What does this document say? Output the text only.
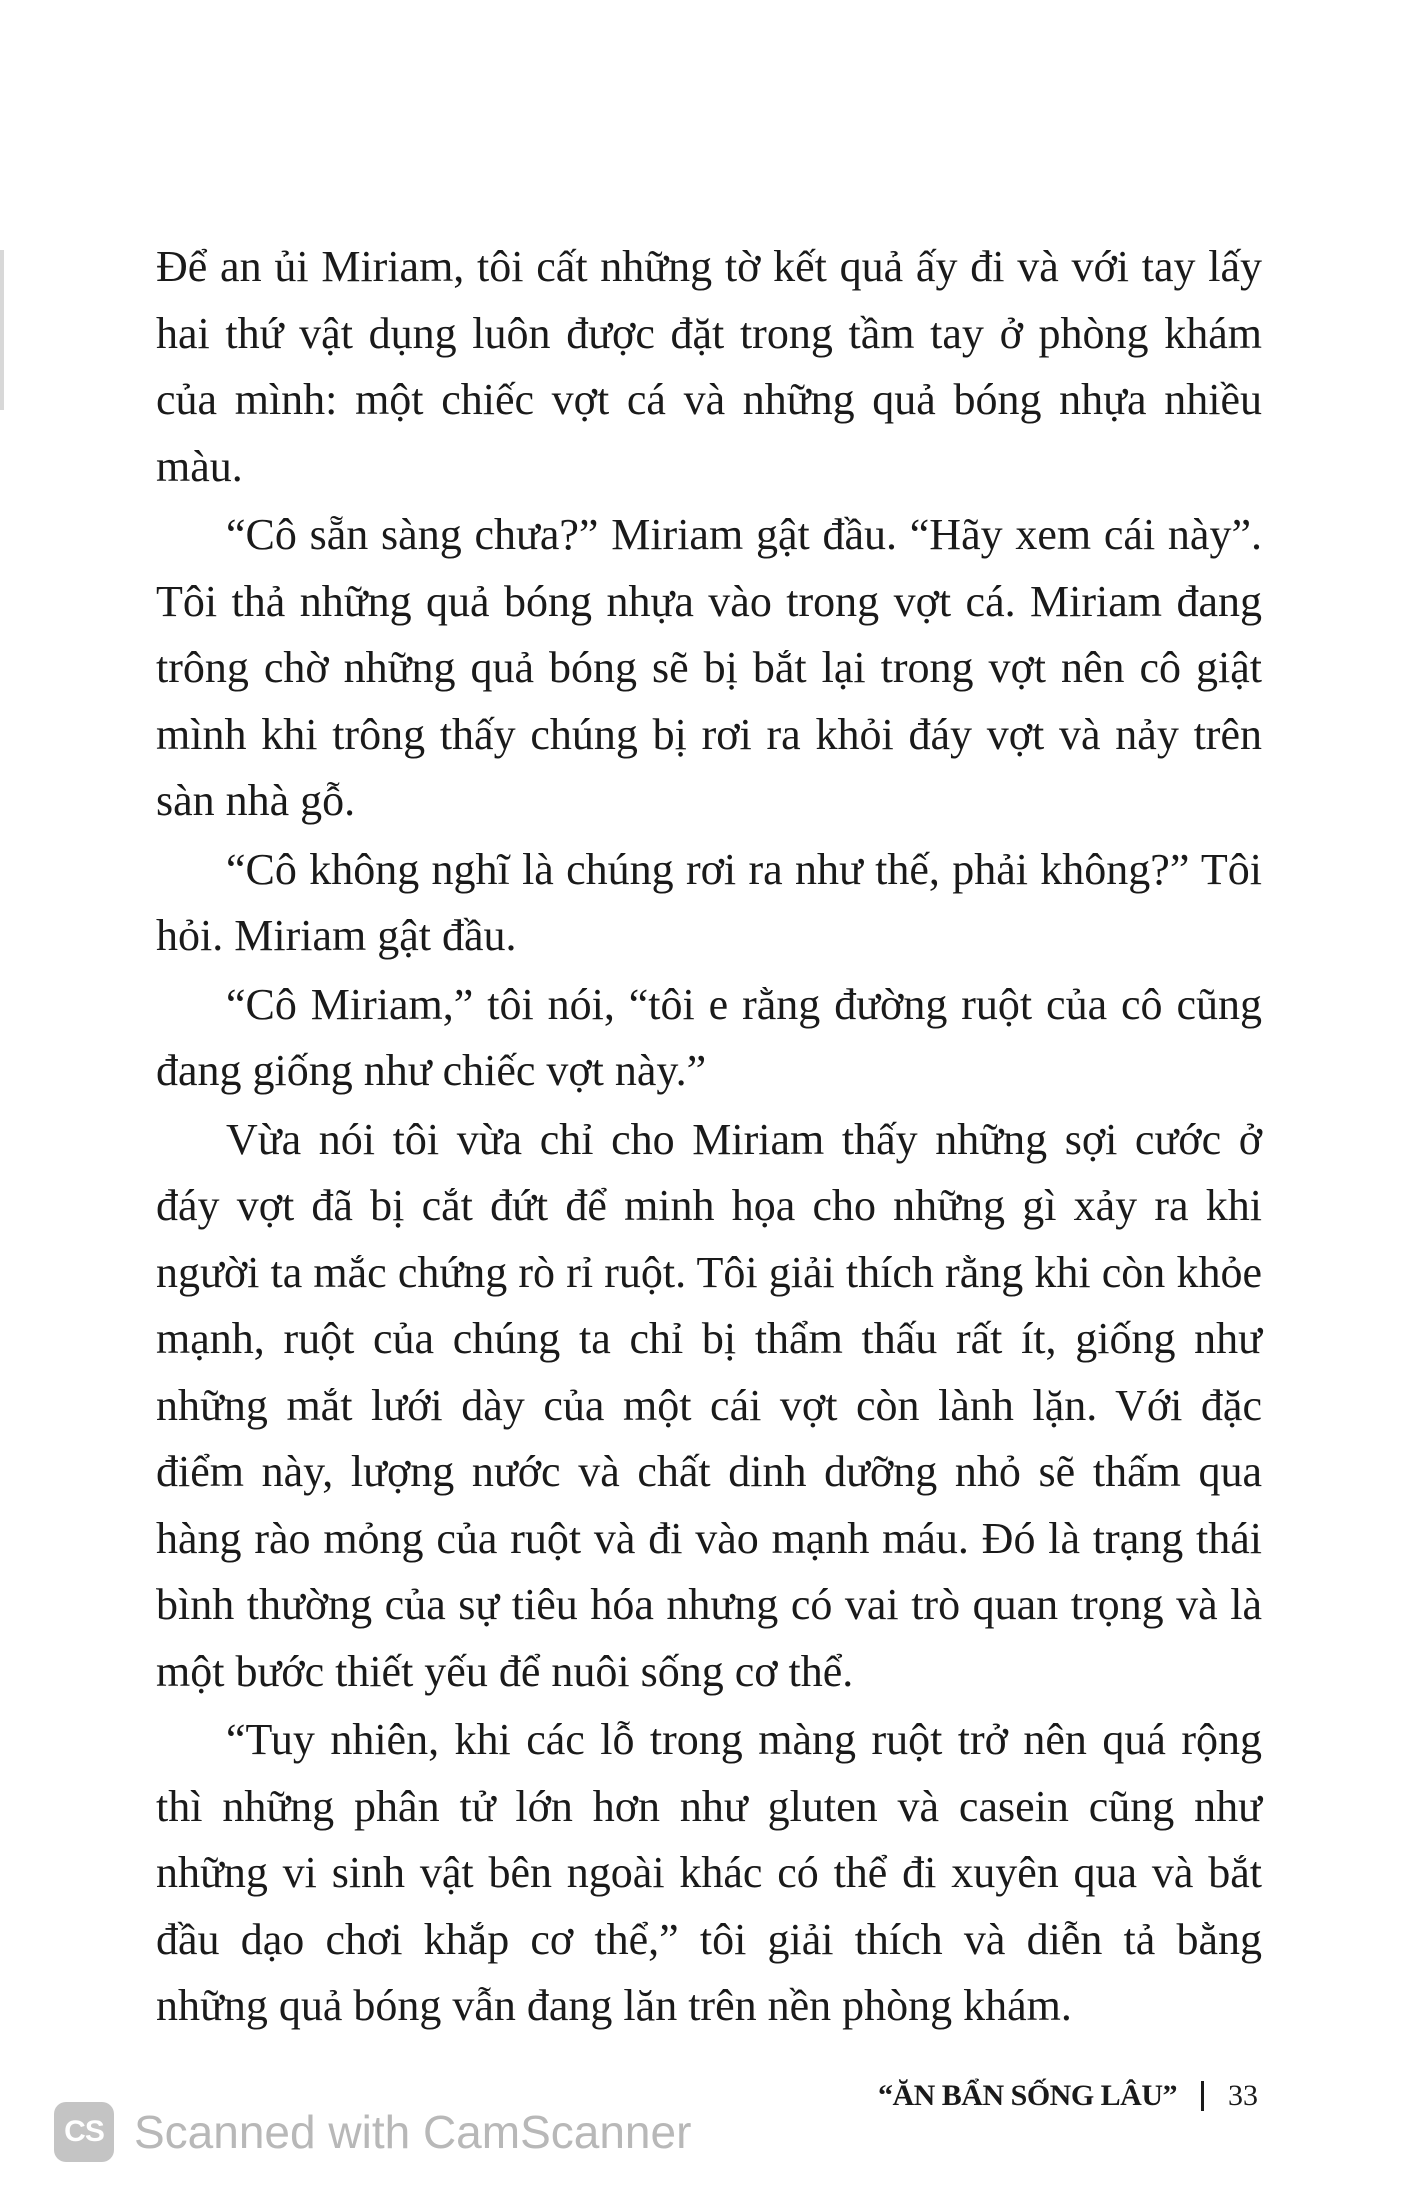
Để an ủi Miriam, tôi cất những tờ kết quả ấy đi và với tay lấy hai thứ vật dụng luôn được đặt trong tầm tay ở phòng khám của mình: một chiếc vợt cá và những quả bóng nhựa nhiều màu.

“Cô sẵn sàng chưa?” Miriam gật đầu. “Hãy xem cái này”. Tôi thả những quả bóng nhựa vào trong vợt cá. Miriam đang trông chờ những quả bóng sẽ bị bắt lại trong vợt nên cô giật mình khi trông thấy chúng bị rơi ra khỏi đáy vợt và nảy trên sàn nhà gỗ.

“Cô không nghĩ là chúng rơi ra như thế, phải không?” Tôi hỏi. Miriam gật đầu.

“Cô Miriam,” tôi nói, “tôi e rằng đường ruột của cô cũng đang giống như chiếc vợt này.”

Vừa nói tôi vừa chỉ cho Miriam thấy những sợi cước ở đáy vợt đã bị cắt đứt để minh họa cho những gì xảy ra khi người ta mắc chứng rò rỉ ruột. Tôi giải thích rằng khi còn khỏe mạnh, ruột của chúng ta chỉ bị thẩm thấu rất ít, giống như những mắt lưới dày của một cái vợt còn lành lặn. Với đặc điểm này, lượng nước và chất dinh dưỡng nhỏ sẽ thấm qua hàng rào mỏng của ruột và đi vào mạnh máu. Đó là trạng thái bình thường của sự tiêu hóa nhưng có vai trò quan trọng và là một bước thiết yếu để nuôi sống cơ thể.

“Tuy nhiên, khi các lỗ trong màng ruột trở nên quá rộng thì những phân tử lớn hơn như gluten và casein cũng như những vi sinh vật bên ngoài khác có thể đi xuyên qua và bắt đầu dạo chơi khắp cơ thể,” tôi giải thích và diễn tả bằng những quả bóng vẫn đang lăn trên nền phòng khám.

“ĂN BẨN SỐNG LÂU” 33
CS Scanned with CamScanner
